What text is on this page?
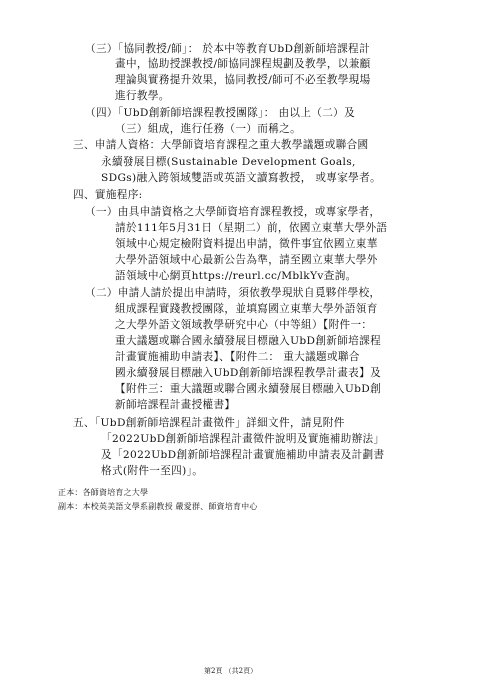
（三）「協同教授/師」： 於本中等教育UbD創新師培課程計
畫中，協助授課教授/師協同課程規劃及教學，以兼顧
理論與實務提升效果，協同教授/師可不必至教學現場
進行教學。
（四）「UbD創新師培課程教授團隊」： 由以上（二）及
（三）組成，進行任務（一）而稱之。
三、申請人資格：大學師資培育課程之重大教學議題或聯合國
永續發展目標(Sustainable Development Goals,
SDGs)融入跨領域雙語或英語文讀寫教授， 或專家學者。
四、實施程序:
（一）由具申請資格之大學師資培育課程教授，或專家學者，
請於111年5月31日（星期二）前，依國立東華大學外語
領域中心規定檢附資料提出申請，徵件事宜依國立東華
大學外語領域中心最新公告為準，請至國立東華大學外
語領域中心網頁https://reurl.cc/MblkYv查詢。
（二）申請人請於提出申請時，須依教學現狀自覓夥伴學校，
組成課程實踐教授團隊，並填寫國立東華大學外語領育
之大學外語文領域教學研究中心（中等組）【附件一：
重大議題或聯合國永續發展目標融入UbD創新師培課程
計畫實施補助申請表】、【附件二： 重大議題或聯合
國永續發展目標融入UbD創新師培課程教學計畫表】及
【附件三：重大議題或聯合國永續發展目標融入UbD創
新師培課程計畫授權書】
五、「UbD創新師培課程計畫徵件」詳細文件，請見附件
「2022UbD創新師培課程計畫徵件說明及實施補助辦法」
及「2022UbD創新師培課程計畫實施補助申請表及計劃書
格式(附件一至四)」。
正本：各師資培育之大學
副本：本校英美語文學系副教授 嚴愛群、師資培育中心
第2頁 （共2頁）
